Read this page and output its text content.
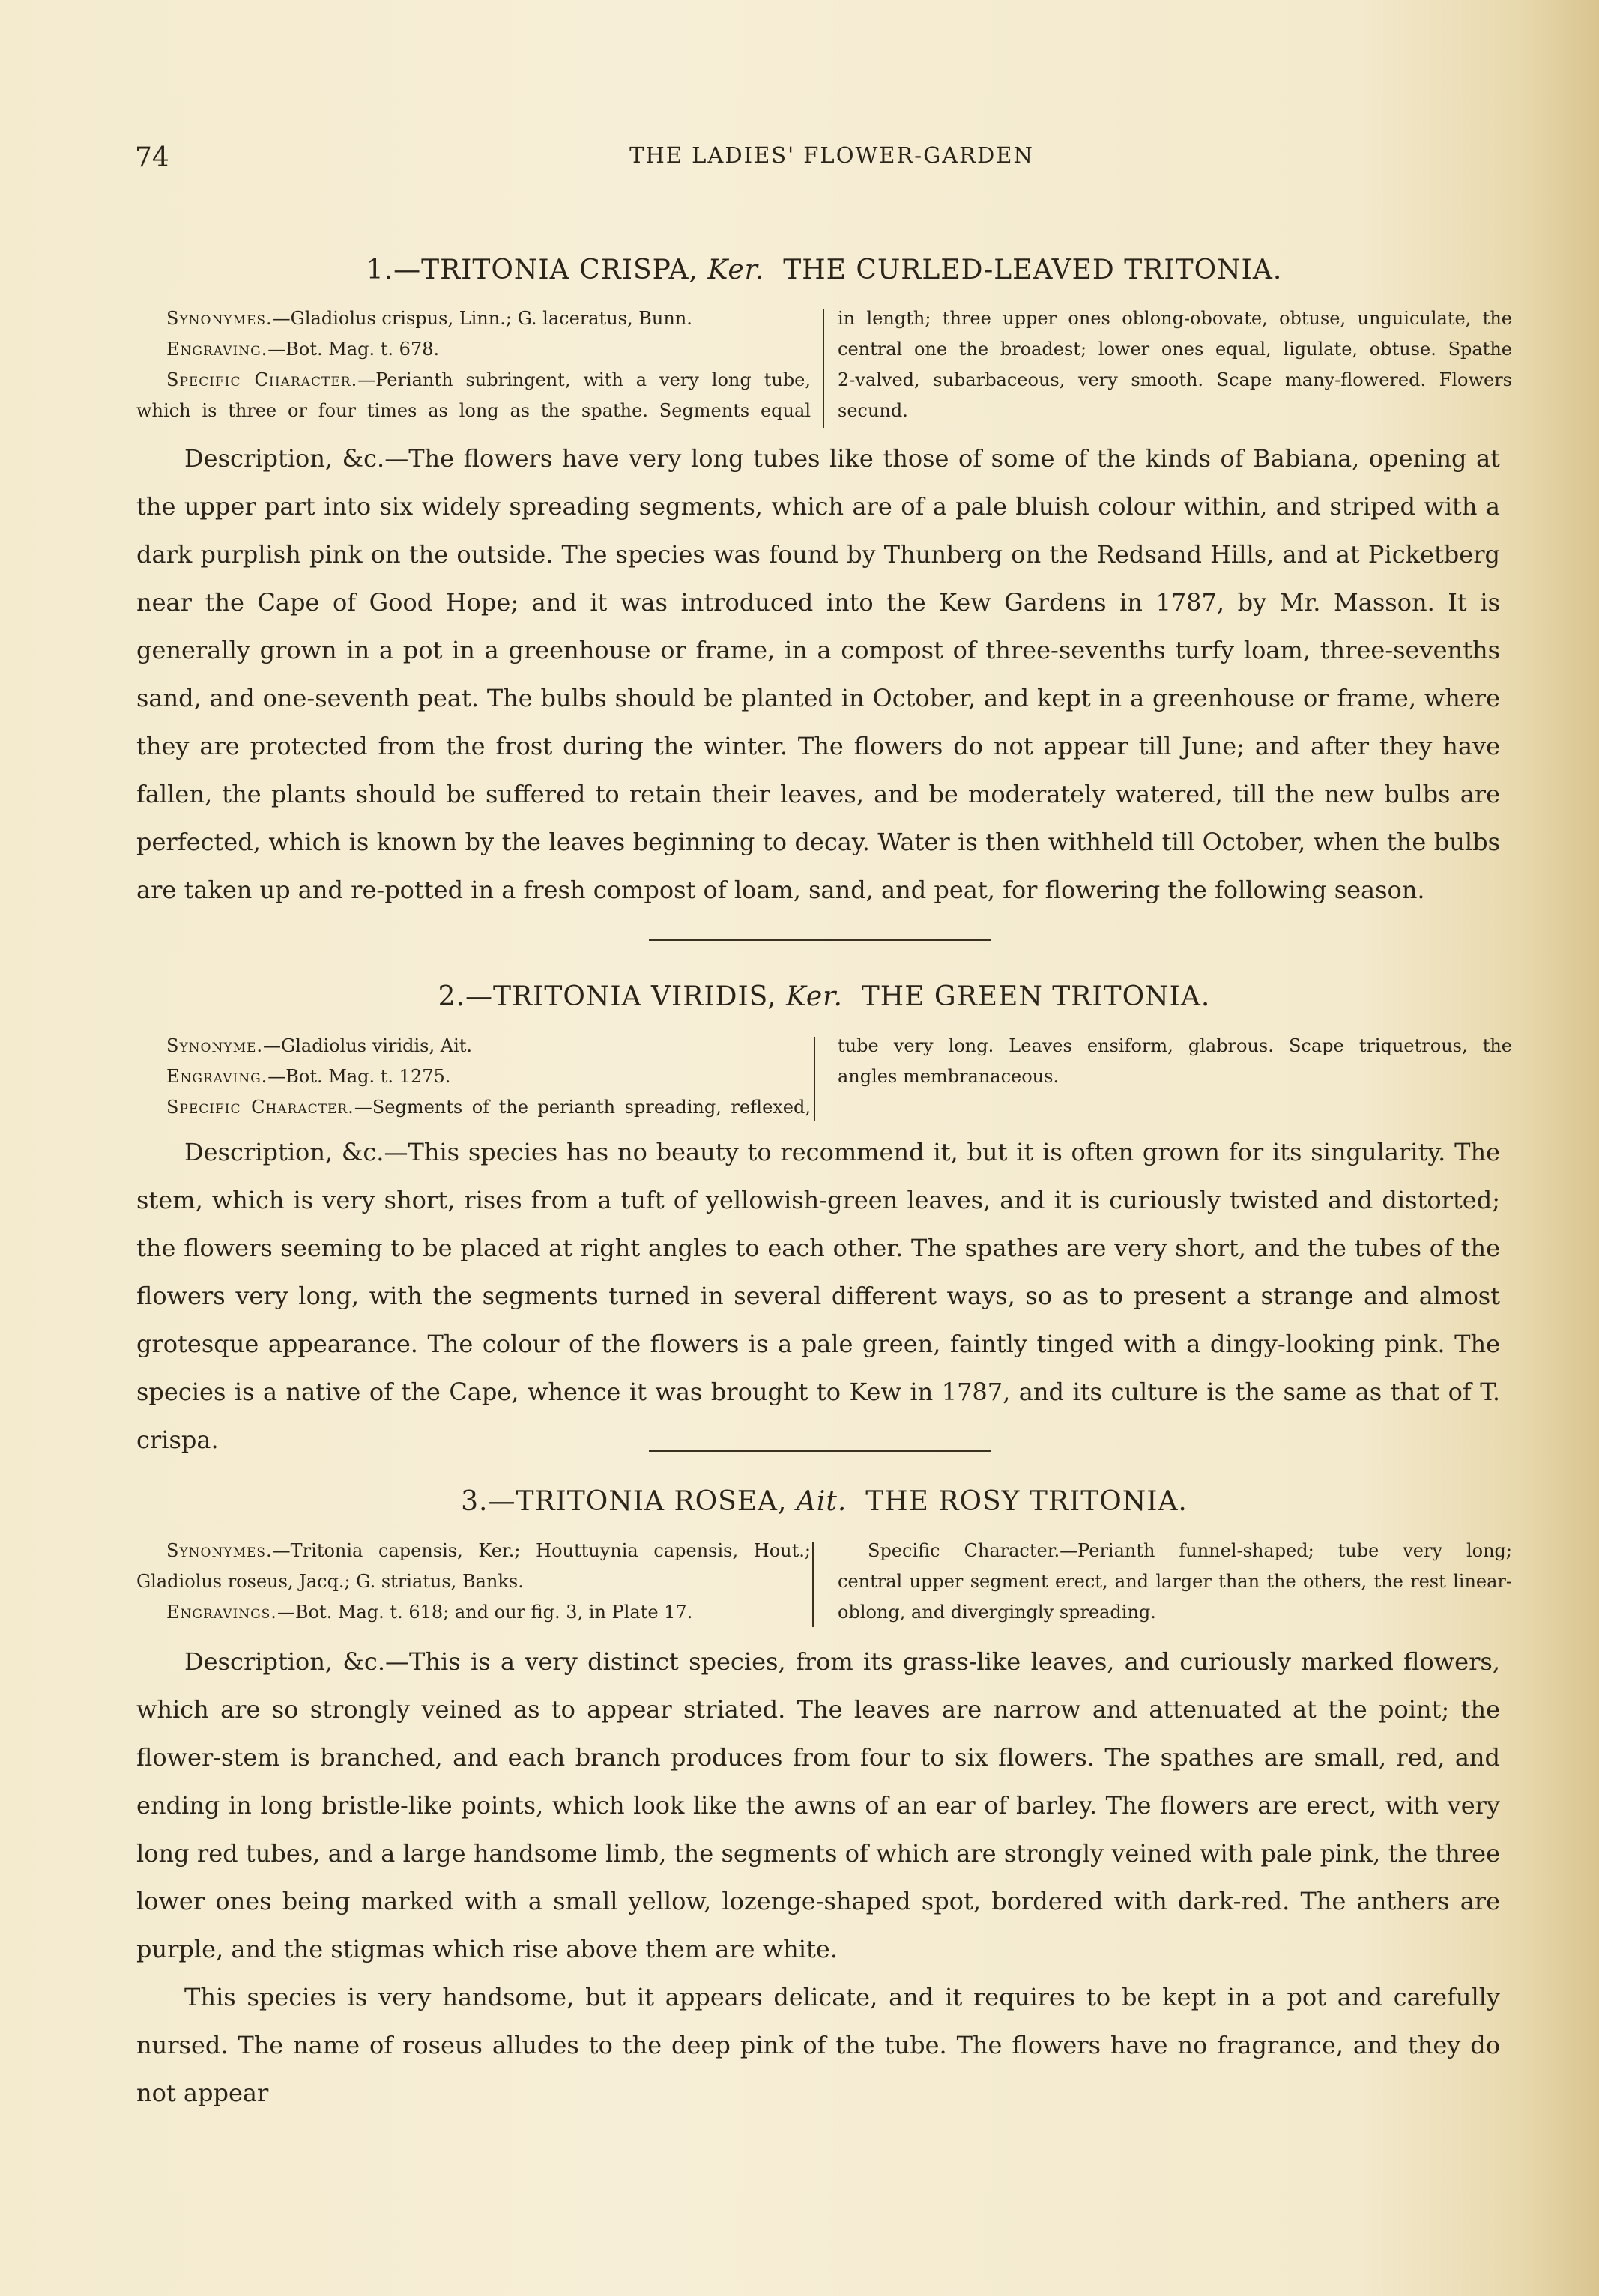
74	THE LADIES' FLOWER-GARDEN
1.—TRITONIA CRISPA, Ker. THE CURLED-LEAVED TRITONIA.

Synonymes.—Gladiolus crispus, Linn.; G. laceratus, Bunn.

Engraving.—Bot. Mag. t. 678.

Specific Character.—Perianth subringent, with a very long tube,

which is three or four times as long as the spathe. Segments equal

in length; three upper ones oblong-obovate, obtuse, unguiculate, the

central one the broadest; lower ones equal, ligulate, obtuse. Spathe

2-valved, subarbaceous, very smooth. Scape many-flowered. Flowers

secund.

Description, &c.—The flowers have very long tubes like those of some of the kinds of Babiana, opening at the upper part into six widely spreading segments, which are of a pale bluish colour within, and striped with a dark purplish pink on the outside. The species was found by Thunberg on the Redsand Hills, and at Picketberg near the Cape of Good Hope; and it was introduced into the Kew Gardens in 1787, by Mr. Masson. It is generally grown in a pot in a greenhouse or frame, in a compost of three-sevenths turfy loam, three-sevenths sand, and one-seventh peat. The bulbs should be planted in October, and kept in a greenhouse or frame, where they are protected from the frost during the winter. The flowers do not appear till June; and after they have fallen, the plants should be suffered to retain their leaves, and be moderately watered, till the new bulbs are perfected, which is known by the leaves beginning to decay. Water is then withheld till October, when the bulbs are taken up and re-potted in a fresh compost of loam, sand, and peat, for flowering the following season.

2.—TRITONIA VIRIDIS, Ker. THE GREEN TRITONIA.

Synonyme.—Gladiolus viridis, Ait.

Engraving.—Bot. Mag. t. 1275.

Specific Character.—Segments of the perianth spreading, reflexed,

tube very long. Leaves ensiform, glabrous. Scape triquetrous, the

angles membranaceous.

Description, &c.—This species has no beauty to recommend it, but it is often grown for its singularity. The stem, which is very short, rises from a tuft of yellowish-green leaves, and it is curiously twisted and distorted; the flowers seeming to be placed at right angles to each other. The spathes are very short, and the tubes of the flowers very long, with the segments turned in several different ways, so as to present a strange and almost grotesque appearance. The colour of the flowers is a pale green, faintly tinged with a dingy-looking pink. The species is a native of the Cape, whence it was brought to Kew in 1787, and its culture is the same as that of T. crispa.

3.—TRITONIA ROSEA, Ait. THE ROSY TRITONIA.

Synonymes.—Tritonia capensis, Ker.; Houttuynia capensis, Hout.;

Gladiolus roseus, Jacq.; G. striatus, Banks.

Engravings.—Bot. Mag. t. 618; and our fig. 3, in Plate 17.

Specific Character.—Perianth funnel-shaped; tube very long;

central upper segment erect, and larger than the others, the rest linear-

oblong, and divergingly spreading.

Description, &c.—This is a very distinct species, from its grass-like leaves, and curiously marked flowers, which are so strongly veined as to appear striated. The leaves are narrow and attenuated at the point; the flower-stem is branched, and each branch produces from four to six flowers. The spathes are small, red, and ending in long bristle-like points, which look like the awns of an ear of barley. The flowers are erect, with very long red tubes, and a large handsome limb, the segments of which are strongly veined with pale pink, the three lower ones being marked with a small yellow, lozenge-shaped spot, bordered with dark-red. The anthers are purple, and the stigmas which rise above them are white.

This species is very handsome, but it appears delicate, and it requires to be kept in a pot and carefully nursed. The name of roseus alludes to the deep pink of the tube. The flowers have no fragrance, and they do not appear
